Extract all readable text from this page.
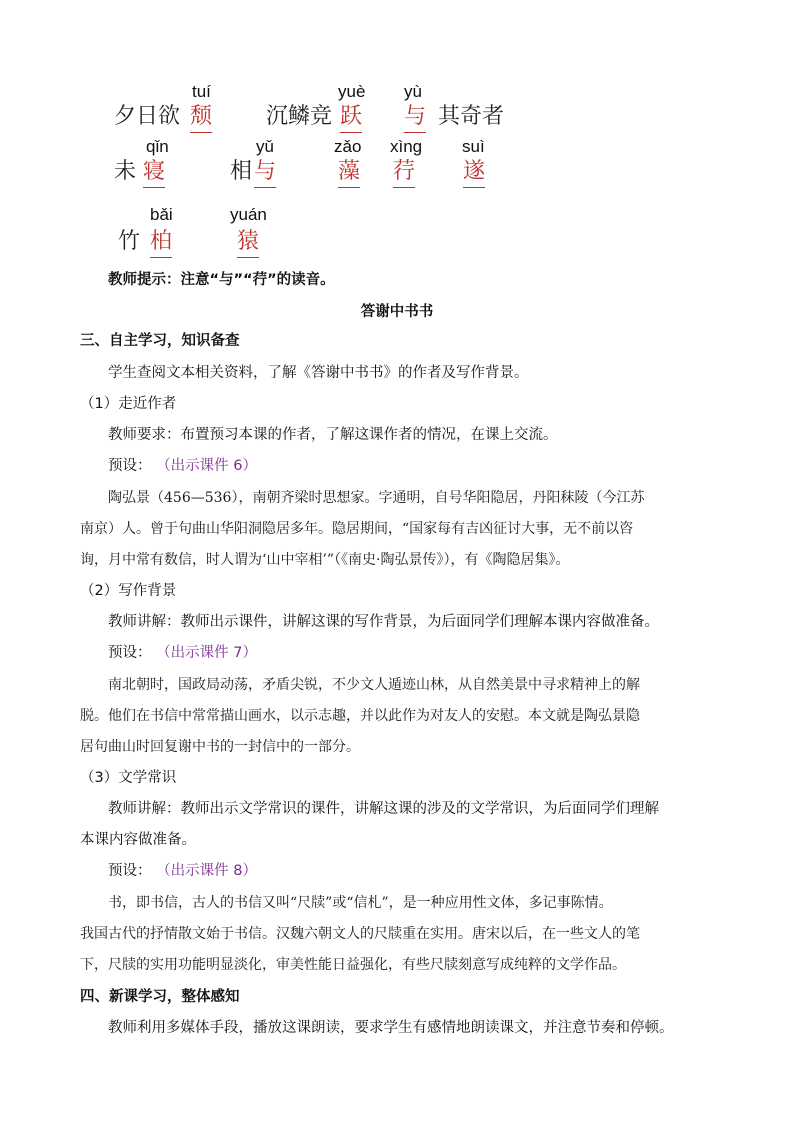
tuí	yuè yù
夕日欲 颓 沉鳞竞 跃 与 其奇者
qǐn	yǔ	zǎo xìng suì
未 寝	相 与	藻 荇 遂
bǎi	yuán
竹 柏	猿
教师提示：注意“与”“荇”的读音。
答谢中书书
三、自主学习，知识备查
学生查阅文本相关资料，了解《答谢中书书》的作者及写作背景。
（1）走近作者
教师要求：布置预习本课的作者，了解这课作者的情况，在课上交流。
预设： （出示课件 6）
陶弘景（456—536），南朝齐梁时思想家。字通明，自号华阳隐居，丹阳秣陵（今江苏
南京）人。曾于句曲山华阳洞隐居多年。隐居期间，“国家每有吉凶征讨大事，无不前以咨
询，月中常有数信，时人谓为‘山中宰相’”（《南史·陶弘景传》），有《陶隐居集》。
（2）写作背景
教师讲解：教师出示课件，讲解这课的写作背景，为后面同学们理解本课内容做准备。
预设： （出示课件 7）
南北朝时，国政局动荡，矛盾尖锐，不少文人遁迹山林，从自然美景中寻求精神上的解
脱。他们在书信中常常描山画水，以示志趣，并以此作为对友人的安慰。本文就是陶弘景隐
居句曲山时回复谢中书的一封信中的一部分。
（3）文学常识
教师讲解：教师出示文学常识的课件，讲解这课的涉及的文学常识，为后面同学们理解
本课内容做准备。
预设： （出示课件 8）
书，即书信，古人的书信又叫“尺牍”或“信札”，是一种应用性文体，多记事陈情。
我国古代的抒情散文始于书信。汉魏六朝文人的尺牍重在实用。唐宋以后，在一些文人的笔
下，尺牍的实用功能明显淡化，审美性能日益强化，有些尺牍刻意写成纯粹的文学作品。
四、新课学习，整体感知
教师利用多媒体手段，播放这课朗读，要求学生有感情地朗读课文，并注意节奏和停顿。
